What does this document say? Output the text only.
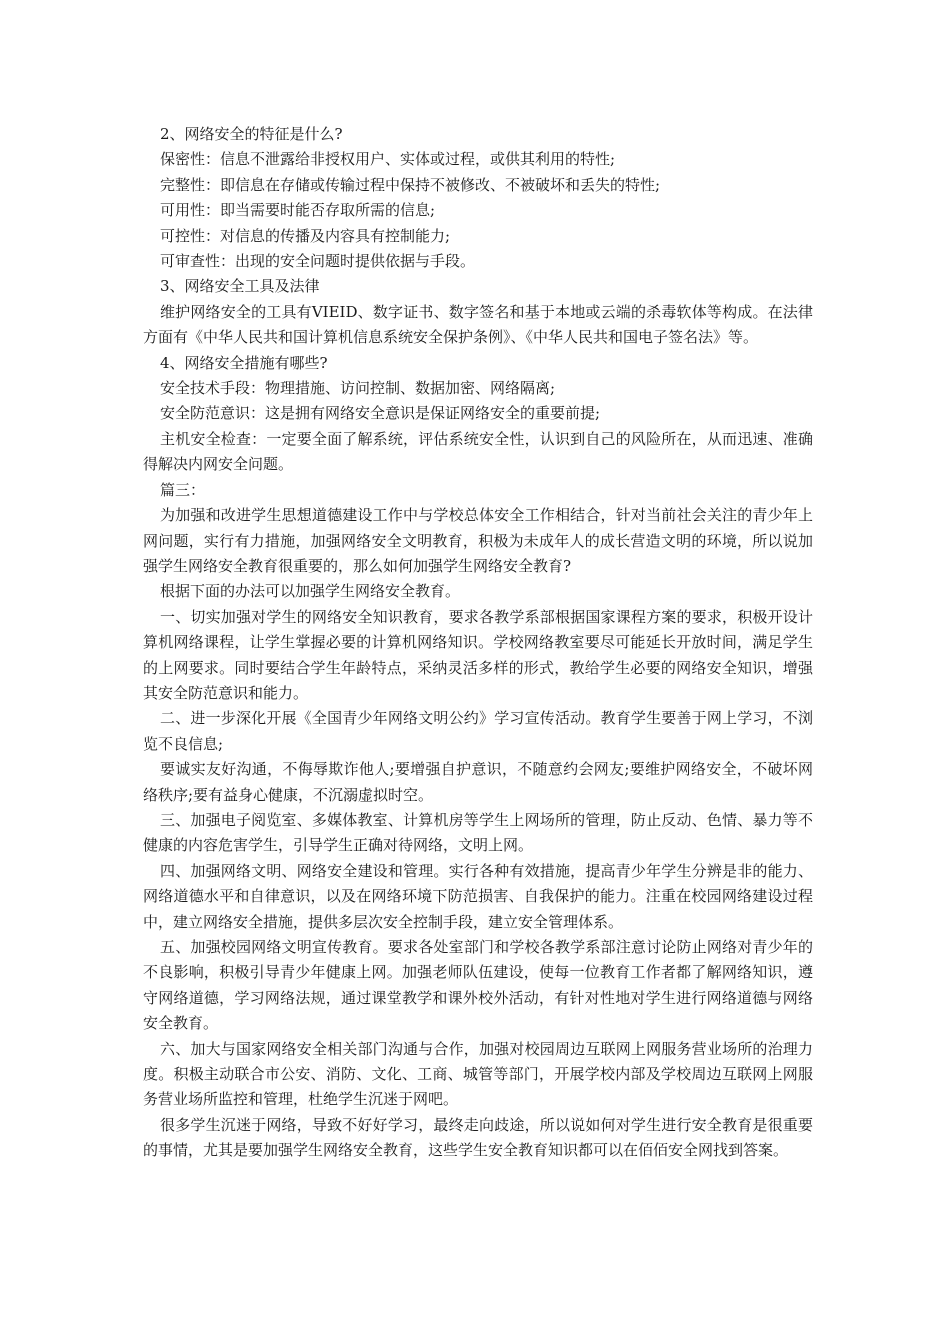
2、网络安全的特征是什么?

保密性：信息不泄露给非授权用户、实体或过程，或供其利用的特性;

完整性：即信息在存储或传输过程中保持不被修改、不被破坏和丢失的特性;

可用性：即当需要时能否存取所需的信息;

可控性：对信息的传播及内容具有控制能力;

可审查性：出现的安全问题时提供依据与手段。

3、网络安全工具及法律

维护网络安全的工具有VIEID、数字证书、数字签名和基于本地或云端的杀毒软体等构成。在法律方面有《中华人民共和国计算机信息系统安全保护条例》、《中华人民共和国电子签名法》等。

4、网络安全措施有哪些?

安全技术手段：物理措施、访问控制、数据加密、网络隔离;

安全防范意识：这是拥有网络安全意识是保证网络安全的重要前提;

主机安全检查：一定要全面了解系统，评估系统安全性，认识到自己的风险所在，从而迅速、准确得解决内网安全问题。

篇三：

为加强和改进学生思想道德建设工作中与学校总体安全工作相结合，针对当前社会关注的青少年上网问题，实行有力措施，加强网络安全文明教育，积极为未成年人的成长营造文明的环境，所以说加强学生网络安全教育很重要的，那么如何加强学生网络安全教育?

根据下面的办法可以加强学生网络安全教育。

一、切实加强对学生的网络安全知识教育，要求各教学系部根据国家课程方案的要求，积极开设计算机网络课程，让学生掌握必要的计算机网络知识。学校网络教室要尽可能延长开放时间，满足学生的上网要求。同时要结合学生年龄特点，采纳灵活多样的形式，教给学生必要的网络安全知识，增强其安全防范意识和能力。

二、进一步深化开展《全国青少年网络文明公约》学习宣传活动。教育学生要善于网上学习，不浏览不良信息;

要诚实友好沟通，不侮辱欺诈他人;要增强自护意识，不随意约会网友;要维护网络安全，不破坏网络秩序;要有益身心健康，不沉溺虚拟时空。

三、加强电子阅览室、多媒体教室、计算机房等学生上网场所的管理，防止反动、色情、暴力等不健康的内容危害学生，引导学生正确对待网络，文明上网。

四、加强网络文明、网络安全建设和管理。实行各种有效措施，提高青少年学生分辨是非的能力、网络道德水平和自律意识，以及在网络环境下防范损害、自我保护的能力。注重在校园网络建设过程中，建立网络安全措施，提供多层次安全控制手段，建立安全管理体系。

五、加强校园网络文明宣传教育。要求各处室部门和学校各教学系部注意讨论防止网络对青少年的不良影响，积极引导青少年健康上网。加强老师队伍建设，使每一位教育工作者都了解网络知识，遵守网络道德，学习网络法规，通过课堂教学和课外校外活动，有针对性地对学生进行网络道德与网络安全教育。

六、加大与国家网络安全相关部门沟通与合作，加强对校园周边互联网上网服务营业场所的治理力度。积极主动联合市公安、消防、文化、工商、城管等部门，开展学校内部及学校周边互联网上网服务营业场所监控和管理，杜绝学生沉迷于网吧。

很多学生沉迷于网络，导致不好好学习，最终走向歧途，所以说如何对学生进行安全教育是很重要的事情，尤其是要加强学生网络安全教育，这些学生安全教育知识都可以在佰佰安全网找到答案。
